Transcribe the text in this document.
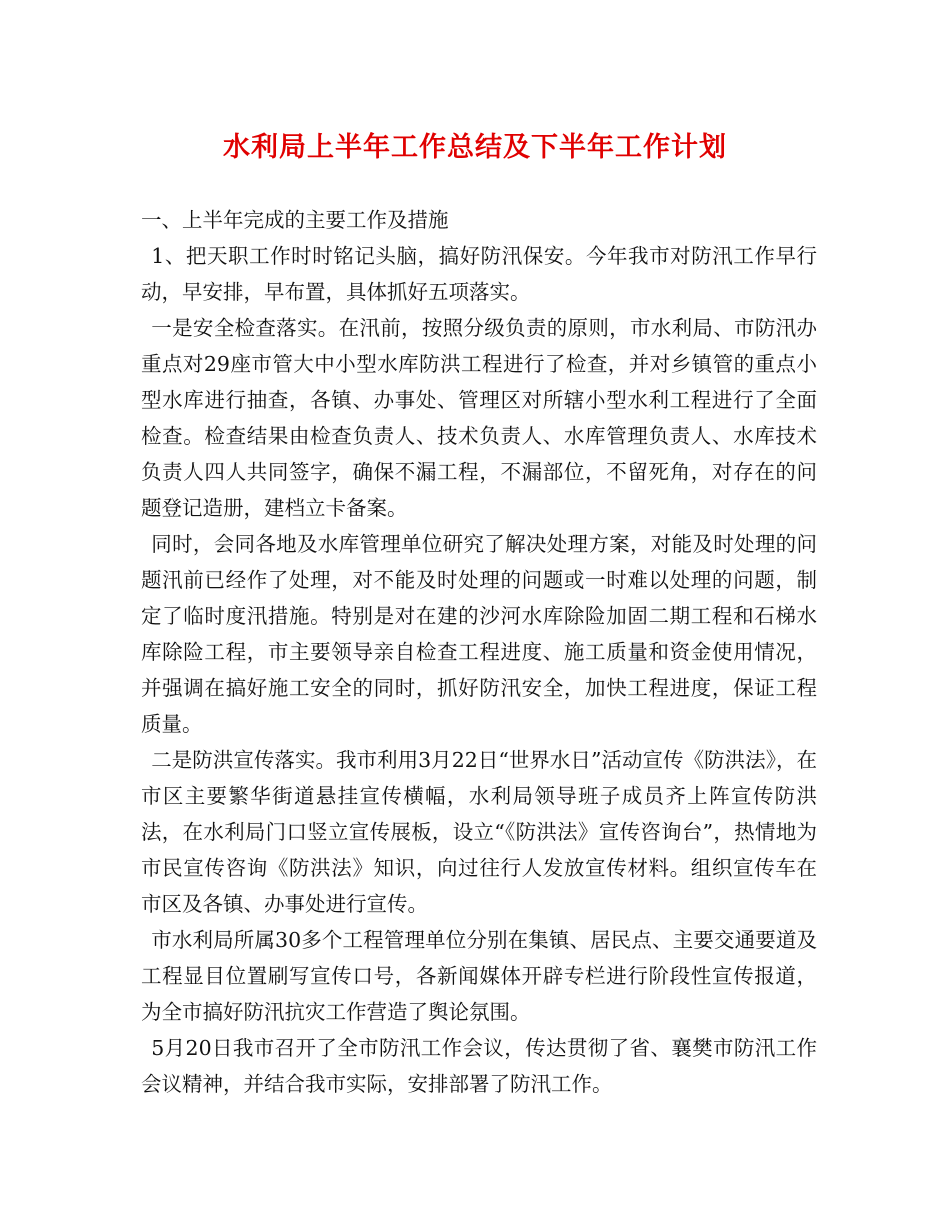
水利局上半年工作总结及下半年工作计划

一、上半年完成的主要工作及措施

1、把天职工作时时铭记头脑，搞好防汛保安。今年我市对防汛工作早行动，早安排，早布置，具体抓好五项落实。

一是安全检查落实。在汛前，按照分级负责的原则，市水利局、市防汛办重点对29座市管大中小型水库防洪工程进行了检查，并对乡镇管的重点小型水库进行抽查，各镇、办事处、管理区对所辖小型水利工程进行了全面检查。检查结果由检查负责人、技术负责人、水库管理负责人、水库技术负责人四人共同签字，确保不漏工程，不漏部位，不留死角，对存在的问题登记造册，建档立卡备案。

同时，会同各地及水库管理单位研究了解决处理方案，对能及时处理的问题汛前已经作了处理，对不能及时处理的问题或一时难以处理的问题，制定了临时度汛措施。特别是对在建的沙河水库除险加固二期工程和石梯水库除险工程，市主要领导亲自检查工程进度、施工质量和资金使用情况，并强调在搞好施工安全的同时，抓好防汛安全，加快工程进度，保证工程质量。

二是防洪宣传落实。我市利用3月22日“世界水日”活动宣传《防洪法》，在市区主要繁华街道悬挂宣传横幅，水利局领导班子成员齐上阵宣传防洪法，在水利局门口竖立宣传展板，设立“《防洪法》宣传咨询台”，热情地为市民宣传咨询《防洪法》知识，向过往行人发放宣传材料。组织宣传车在市区及各镇、办事处进行宣传。

市水利局所属30多个工程管理单位分别在集镇、居民点、主要交通要道及工程显目位置刷写宣传口号，各新闻媒体开辟专栏进行阶段性宣传报道，为全市搞好防汛抗灾工作营造了舆论氛围。

5月20日我市召开了全市防汛工作会议，传达贯彻了省、襄樊市防汛工作会议精神，并结合我市实际，安排部署了防汛工作。
